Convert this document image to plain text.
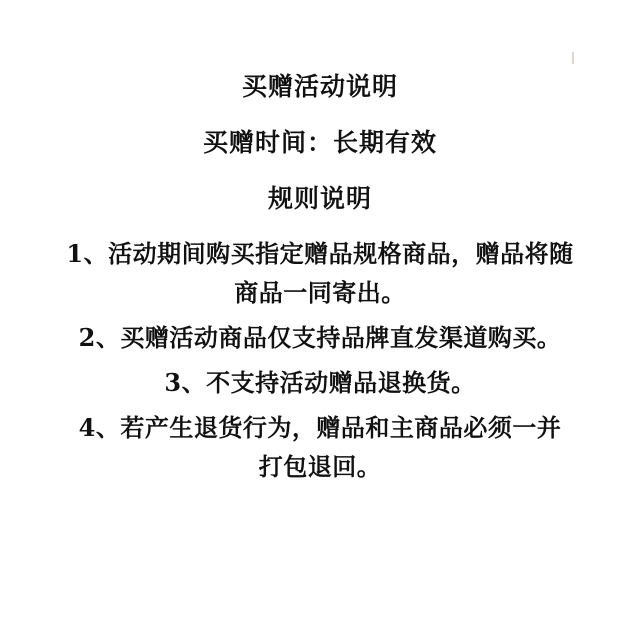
买赠活动说明
买赠时间：长期有效
规则说明

1、活动期间购买指定赠品规格商品，赠品将随商品一同寄出。

2、买赠活动商品仅支持品牌直发渠道购买。

3、不支持活动赠品退换货。

4、若产生退货行为，赠品和主商品必须一并打包退回。
